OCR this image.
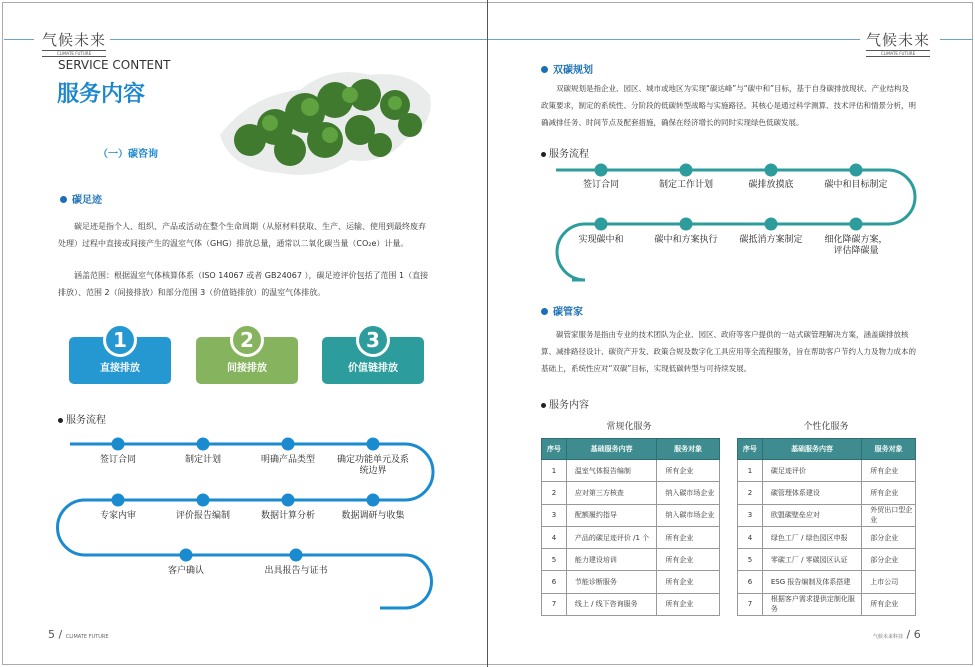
气候未来
CLIMATE FUTURE
SERVICE CONTENT
服务内容
（一）碳咨询
碳足迹
碳足迹是指个人、组织、产品或活动在整个生命周期（从原材料获取、生产、运输、使用到最终废弃处理）过程中直接或间接产生的温室气体（GHG）排放总量，通常以二氧化碳当量（CO₂e）计量。
涵盖范围：根据温室气体核算体系（ISO 14067 或者 GB24067 ），碳足迹评价包括了范围 1（直接排放）、范围 2（间接排放）和部分范围 3（价值链排放）的温室气体排放。
1
直接排放
2
间接排放
3
价值链排放
服务流程
签订合同	制定计划	明确产品类型 确定功能单元及系统边界
数据调研与收集
数据计算分析
评价报告编制
专家内审
客户确认	出具报告与证书
5 / CLIMATE FUTURE
气候未来
CLIMATE FUTURE
双碳规划
双碳规划是指企业、园区、城市或地区为实现“碳达峰”与“碳中和”目标，基于自身碳排放现状、产业结构及政策要求，制定的系统性、分阶段的低碳转型战略与实施路径。其核心是通过科学测算、技术评估和情景分析，明确减排任务、时间节点及配套措施，确保在经济增长的同时实现绿色低碳发展。
服务流程
签订合同	制定工作计划	碳排放摸底	碳中和目标制定
细化降碳方案，评估降碳量
碳抵消方案制定
碳中和方案执行
实现碳中和
碳管家
碳管家服务是指由专业的技术团队为企业、园区、政府等客户提供的一站式碳管理解决方案，涵盖碳排放核算、减排路径设计、碳资产开发、政策合规及数字化工具应用等全流程服务，旨在帮助客户节约人力及物力成本的基础上，系统性应对“双碳”目标，实现低碳转型与可持续发展。
服务内容
常规化服务
序号	基础服务内容	服务对象
1	温室气体报告编制	所有企业
2	应对第三方核查	纳入碳市场企业
3	配额履约指导	纳入碳市场企业
4	产品的碳足迹评价 /1 个	所有企业
5	能力建设培训	所有企业
6	节能诊断服务	所有企业
7	线上 / 线下咨询服务	所有企业
个性化服务
序号	基础服务内容	服务对象
1	碳足迹评价	所有企业
2	碳管理体系建设	所有企业
3	欧盟碳壁垒应对	外贸出口型企业
4	绿色工厂 / 绿色园区申报	部分企业
5	零碳工厂 / 零碳园区认证	部分企业
6	ESG 报告编制及体系搭建	上市公司
7	根据客户需求提供定制化服务	所有企业
气候未来科技 / 6
